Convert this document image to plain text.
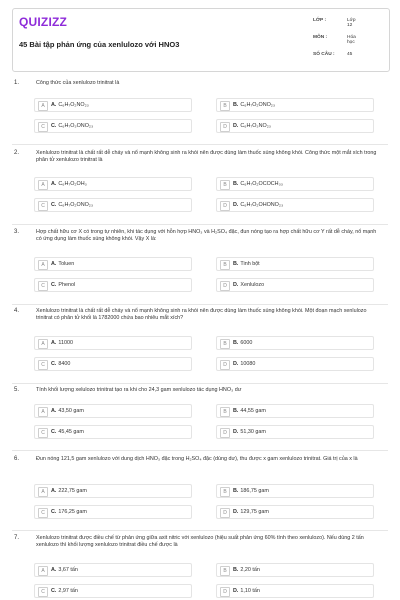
QUIZIZZ
45 Bài tập phản ứng của xenlulozo với HNO3
LỚP :	Lớp 12
MÔN :	Hóa học
SỐ CÂU :	45
1.	Công thức của xenlulozo trinitrat là
A	A. C₆H₇O₂NO₂₃	B	B. C₆H₇O₂ONO₂₃
C	C. C₆H₇O₃ONO₂₃	D	D. C₆H₇O₃NO₂₃
2.	Xenlulozo trinitrat là chất rất dễ cháy và nổ mạnh không sinh ra khói nên được dùng làm thuốc súng không khói. Công thức một mắt xích trong phân tử xenlulozo trinitrat là
A	A. C₆H₇O₂OH₃	B	B. C₆H₇O₂OCOCH₃₃
C	C. C₆H₇O₂ONO₂₃	D	D. C₆H₇O₂OHONO₂₃
3.	Hợp chất hữu cơ X có trong tự nhiên, khi tác dụng với hỗn hợp HNO₃ và H₂SO₄ đặc, đun nóng tạo ra hợp chất hữu cơ Y rất dễ cháy, nổ mạnh có ứng dụng làm thuốc súng không khói. Vậy X là:
A	A. Toluen	B	B. Tinh bột
C	C. Phenol	D	D. Xenlulozo
4.	Xenlulozo trinitrat là chất rất dễ cháy và nổ mạnh không sinh ra khói nên được dùng làm thuốc súng không khói. Một đoạn mạch xenlulozo trinitrat có phân tử khối là 1782000 chứa bao nhiêu mắt xích?
A	A. 11000	B	B. 6000
C	C. 8400	D	D. 10080
5.	Tính khối lượng xelulozo trinitrat tạo ra khi cho 24,3 gam xenlulozo tác dụng HNO₃ dư
A	A. 43,50 gam	B	B. 44,55 gam
C	C. 45,45 gam	D	D. 51,30 gam
6.	Đun nóng 121,5 gam xenlulozo với dung dịch HNO₃ đặc trong H₂SO₄ đặc (dùng dư), thu được x gam xenlulozo trinitrat. Giá trị của x là
A	A. 222,75 gam	B	B. 186,75 gam
C	C. 176,25 gam	D	D. 129,75 gam
7.	Xenlulozo trinitrat được điều chế từ phản ứng giữa axit nitric với xenlulozo (hiệu suất phản ứng 60% tính theo xenlulozo). Nếu dùng 2 tấn xenlulozo thì khối lượng xenlulozo trinitrat điều chế được là
A	A. 3,67 tấn	B	B. 2,20 tấn
C	C. 2,97 tấn	D	D. 1,10 tấn
